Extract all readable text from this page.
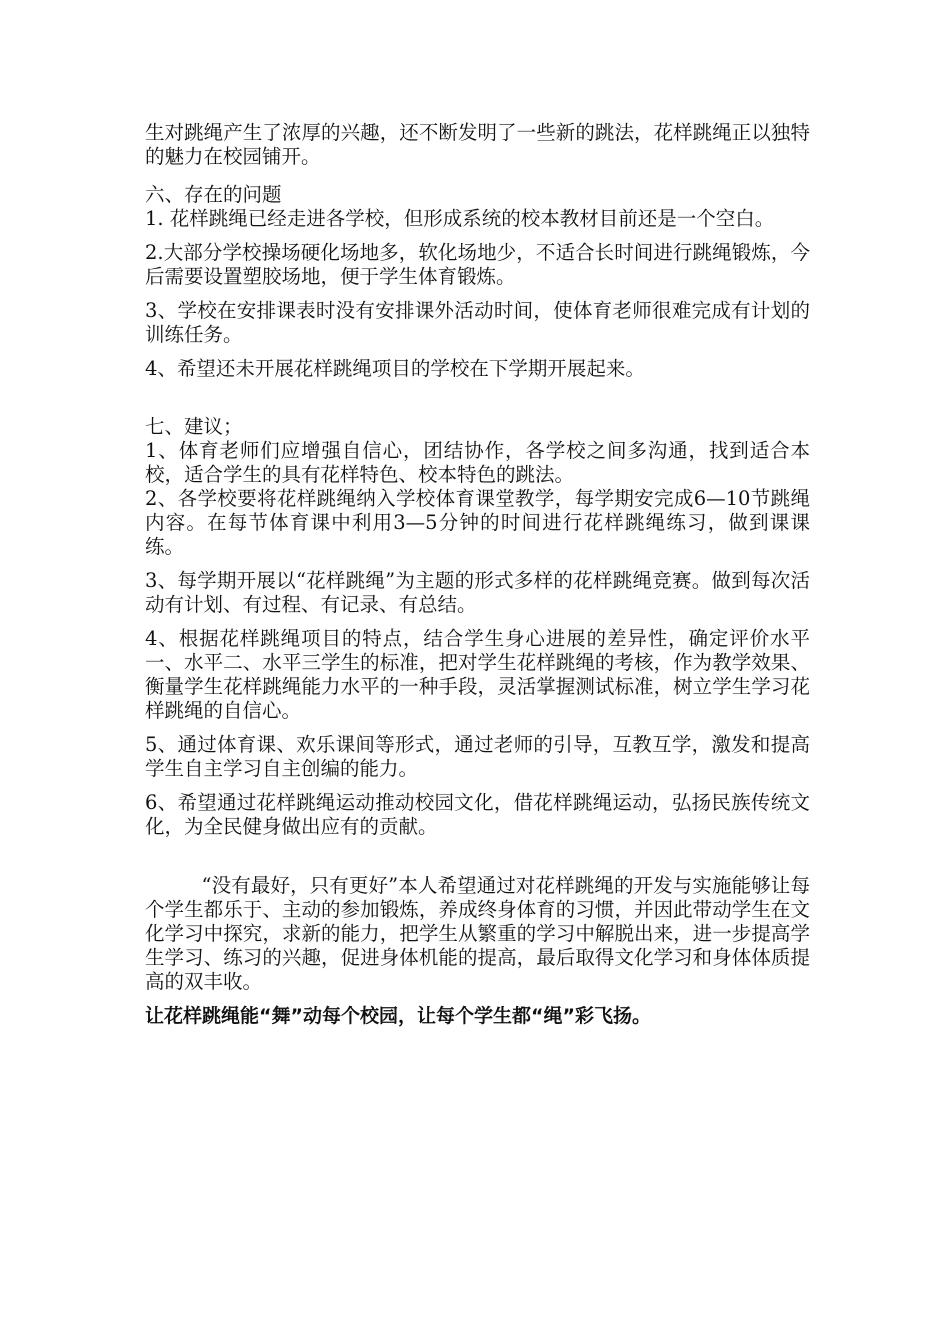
生对跳绳产生了浓厚的兴趣，还不断发明了一些新的跳法，花样跳绳正以独特的魅力在校园铺开。

六、存在的问题

1. 花样跳绳已经走进各学校，但形成系统的校本教材目前还是一个空白。

2.大部分学校操场硬化场地多，软化场地少，不适合长时间进行跳绳锻炼，今后需要设置塑胶场地，便于学生体育锻炼。

3、学校在安排课表时没有安排课外活动时间，使体育老师很难完成有计划的训练任务。

4、希望还未开展花样跳绳项目的学校在下学期开展起来。

七、建议；

1、体育老师们应增强自信心，团结协作，各学校之间多沟通，找到适合本校，适合学生的具有花样特色、校本特色的跳法。

2、各学校要将花样跳绳纳入学校体育课堂教学，每学期安完成6—10节跳绳内容。在每节体育课中利用3—5分钟的时间进行花样跳绳练习，做到课课练。

3、每学期开展以“花样跳绳”为主题的形式多样的花样跳绳竞赛。做到每次活动有计划、有过程、有记录、有总结。

4、根据花样跳绳项目的特点，结合学生身心进展的差异性，确定评价水平一、水平二、水平三学生的标准，把对学生花样跳绳的考核，作为教学效果、衡量学生花样跳绳能力水平的一种手段，灵活掌握测试标准，树立学生学习花样跳绳的自信心。

5、通过体育课、欢乐课间等形式，通过老师的引导，互教互学，激发和提高学生自主学习自主创编的能力。

6、希望通过花样跳绳运动推动校园文化，借花样跳绳运动，弘扬民族传统文化，为全民健身做出应有的贡献。

“没有最好，只有更好”本人希望通过对花样跳绳的开发与实施能够让每个学生都乐于、主动的参加锻炼，养成终身体育的习惯，并因此带动学生在文化学习中探究，求新的能力，把学生从繁重的学习中解脱出来，进一步提高学生学习、练习的兴趣，促进身体机能的提高，最后取得文化学习和身体体质提高的双丰收。

让花样跳绳能“舞”动每个校园，让每个学生都“绳”彩飞扬。
